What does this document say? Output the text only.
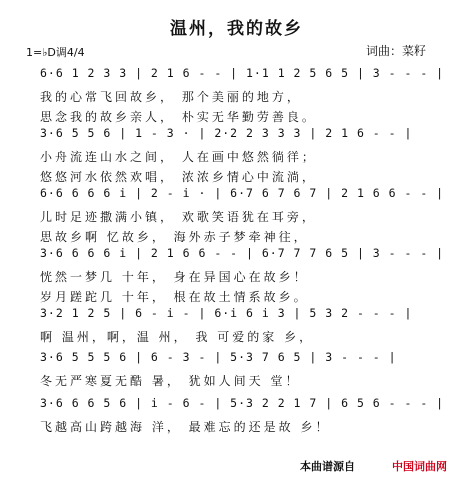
温州，我的故乡
1=♭D调4/4	词曲：菜籽
6·6 1 2 3 3 | 2 1 6 - - | 1·1 1 2 5 6 5 | 3 - - - |
我的心常飞回故乡， 那个美丽的地方，
思念我的故乡亲人， 朴实无华勤劳善良。
3·6 5 5 6 | 1 - 3 · | 2·2 2 3 3 3 | 2 1 6 - - |
小舟流连山水之间， 人在画中悠然徜徉；
悠悠河水依然欢唱， 浓浓乡情心中流淌，
6·6 6 6 6 i | 2 - i · | 6·7 6 7 6 7 | 2 1 6 6 - - |
儿时足迹撒满小镇， 欢歌笑语犹在耳旁，
思故乡啊 忆故乡， 海外赤子梦牵神往，
3·6 6 6 6 i | 2 1 6 6 - - | 6·7 7 7 6 5 | 3 - - - |
恍然一梦几 十年， 身在异国心在故乡！
岁月蹉跎几 十年， 根在故土情系故乡。
3·2 1 2 5 | 6 - i - | 6·i 6 i 3 | 5 3 2 - - - |
啊 温州，啊，温 州， 我 可爱的家 乡，
3·6 5 5 5 6 | 6 - 3 - | 5·3 7 6 5 | 3 - - - |
冬无严寒夏无酷 暑， 犹如人间天 堂！
3·6 6 6 5 6 | i - 6 - | 5·3 2 2 1 7 | 6 5 6 - - - |
飞越高山跨越海 洋， 最难忘的还是故 乡！
本曲谱源自	中国词曲网
